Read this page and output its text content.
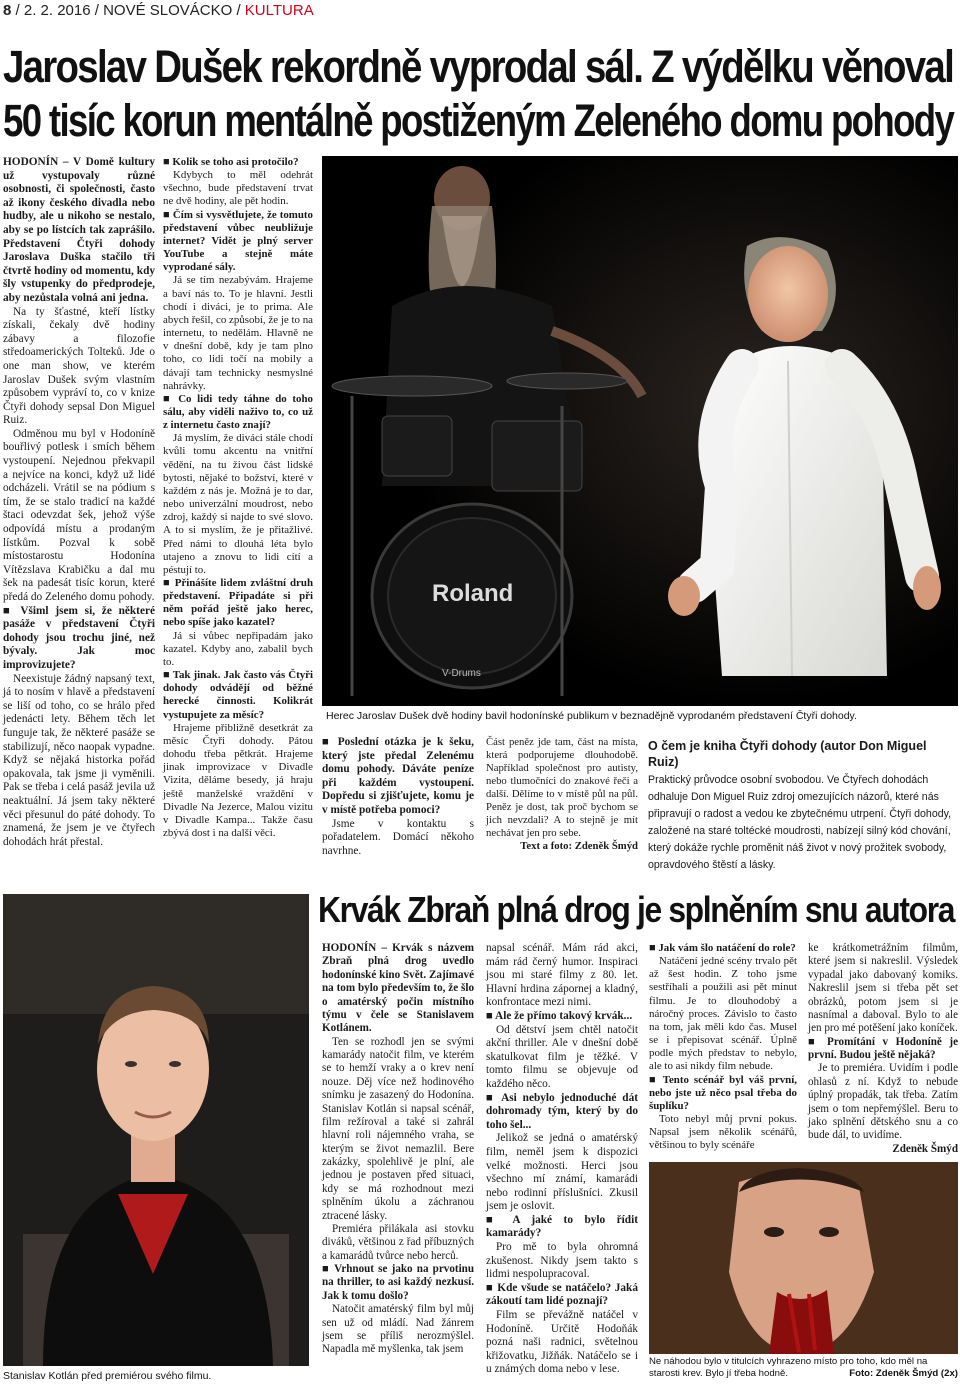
8 / 2. 2. 2016 / NOVÉ SLOVÁCKO / KULTURA
Jaroslav Dušek rekordně vyprodal sál. Z výdělku věnoval
50 tisíc korun mentálně postiženým Zeleného domu pohody

HODONÍN – V Domě kultury už vystupovaly různé osobnosti, či společnosti, často až ikony českého divadla nebo hudby, ale u nikoho se nestalo, aby se po lístcích tak zaprášilo. Představení Čtyři dohody Jaroslava Duška stačilo tři čtvrtě hodiny od momentu, kdy šly vstupenky do předprodeje, aby nezůstala volná ani jedna.

Na ty šťastné, kteří lístky získali, čekaly dvě hodiny zábavy a filozofie středoamerických Tolteků. Jde o one man show, ve kterém Jaroslav Dušek svým vlastním způsobem vypráví to, co v knize Čtyři dohody sepsal Don Miguel Ruiz.

Odměnou mu byl v Hodoníně bouřlivý potlesk i smích během vystoupení. Nejednou překvapil a nejvíce na konci, když už lidé odcházeli. Vrátil se na pódium s tím, že se stalo tradicí na každé štaci odevzdat šek, jehož výše odpovídá místu a prodaným lístkům. Pozval k sobě místostarostu Hodonína Vítězslava Krabičku a dal mu šek na padesát tisíc korun, které předá do Zeleného domu pohody.

■ Všiml jsem si, že některé pasáže v představení Čtyři dohody jsou trochu jiné, než bývaly. Jak moc improvizujete?

Neexistuje žádný napsaný text, já to nosím v hlavě a představení se liší od toho, co se hrálo před jedenácti lety. Během těch let funguje tak, že některé pasáže se stabilizují, něco naopak vypadne. Když se nějaká historka pořád opakovala, tak jsme ji vyměnili. Pak se třeba i celá pasáž jevila už neaktuální. Já jsem taky některé věci přesunul do páté dohody. To znamená, že jsem je ve čtyřech dohodách hrát přestal.

■ Kolik se toho asi protočilo?

Kdybych to měl odehrát všechno, bude představení trvat ne dvě hodiny, ale pět hodin.

■ Čím si vysvětlujete, že tomuto představení vůbec neubližuje internet? Vidět je plný server YouTube a stejně máte vyprodané sály.

Já se tím nezabývám. Hrajeme a baví nás to. To je hlavní. Jestli chodí i diváci, je to prima. Ale abych řešil, co způsobí, že je to na internetu, to nedělám. Hlavně ne v dnešní době, kdy je tam plno toho, co lidi točí na mobily a dávají tam technicky nesmyslné nahrávky.

■ Co lidi tedy táhne do toho sálu, aby viděli naživo to, co už z internetu často znají?

Já myslím, že diváci stále chodí kvůli tomu akcentu na vnitřní vědění, na tu živou část lidské bytosti, nějaké to božství, které v každém z nás je. Možná je to dar, nebo univerzální moudrost, nebo zdroj, každý si najde to své slovo. A to si myslím, že je přitažlivé. Před námi to dlouhá léta bylo utajeno a znovu to lidi cítí a péstují to.

■ Přinášíte lidem zvláštní druh představení. Připadáte si při něm pořád ještě jako herec, nebo spíše jako kazatel?

Já si vůbec nepřipadám jako kazatel. Kdyby ano, zabalil bych to.

■ Tak jinak. Jak často vás Čtyři dohody odvádějí od běžné herecké činnosti. Kolikrát vystupujete za měsíc?

Hrajeme přibližně desetkrát za měsíc Čtyři dohody. Pátou dohodu třeba pětkrát. Hrajeme jinak improvizace v Divadle Vizita, děláme besedy, já hraju ještě manželské vraždění v Divadle Na Jezerce, Malou vizitu v Divadle Kampa... Takže času zbývá dost i na další věci.

Roland
V-Drums
Herec Jaroslav Dušek dvě hodiny bavil hodonínské publikum v beznadějně vyprodaném představení Čtyři dohody.

■ Poslední otázka je k šeku, který jste předal Zelenému domu pohody. Dáváte peníze při každém vystoupení. Dopředu si zjišťujete, komu je v místě potřeba pomoci?

Jsme v kontaktu s pořadatelem. Domácí někoho navrhne.

Část peněz jde tam, část na místa, která podporujeme dlouhodobě. Například společnost pro autisty, nebo tlumočníci do znakové řeči a další. Dělíme to v místě půl na půl. Peněz je dost, tak proč bychom se jich nevzdali? A to stejně je mít nechávat jen pro sebe.

Text a foto: Zdeněk Šmýd

O čem je kniha Čtyři dohody (autor Don Miguel Ruiz)
Praktický průvodce osobní svobodou. Ve Čtyřech dohodách odhaluje Don Miguel Ruiz zdroj omezujících názorů, které nás připravují o radost a vedou ke zbytečnému utrpení. Čtyři dohody, založené na staré toltécké moudrosti, nabízejí silný kód chování, který dokáže rychle proměnit náš život v nový prožitek svobody, opravdového štěstí a lásky.
Stanislav Kotlán před premiérou svého filmu.
Krvák Zbraň plná drog je splněním snu autora

HODONÍN – Krvák s názvem Zbraň plná drog uvedlo hodonínské kino Svět. Zajímavé na tom bylo především to, že šlo o amatérský počin místního týmu v čele se Stanislavem Kotlánem.

Ten se rozhodl jen se svými kamarády natočit film, ve kterém se to hemží vraky a o krev není nouze. Děj více než hodinového snímku je zasazený do Hodonína. Stanislav Kotlán si napsal scénář, film režíroval a také si zahrál hlavní roli nájemného vraha, se kterým se život nemazlil. Bere zakázky, spolehlivě je plní, ale jednou je postaven před situaci, kdy se má rozhodnout mezi splněním úkolu a záchranou ztracené lásky.

Premiéra přilákala asi stovku diváků, většinou z řad příbuzných a kamarádů tvůrce nebo herců.

■ Vrhnout se jako na prvotinu na thriller, to asi každý nezkusí. Jak k tomu došlo?

Natočit amatérský film byl můj sen už od mládí. Nad žánrem jsem se příliš nerozmýšlel. Napadla mě myšlenka, tak jsem

napsal scénář. Mám rád akci, mám rád černý humor. Inspiraci jsou mi staré filmy z 80. let. Hlavní hrdina zápornej a kladný, konfrontace mezi nimi.

■ Ale že přímo takový krvák...

Od dětství jsem chtěl natočit akční thriller. Ale v dnešní době skatulkovat film je těžké. V tomto filmu se objevuje od každého něco.

■ Asi nebylo jednoduché dát dohromady tým, který by do toho šel...

Jelikož se jedná o amatérský film, neměl jsem k dispozici velké možnosti. Herci jsou všechno mí známí, kamarádi nebo rodinní příslušníci. Zkusil jsem je oslovit.

■ A jaké to bylo řídit kamarády?

Pro mě to byla ohromná zkušenost. Nikdy jsem takto s lidmi nespolupracoval.

■ Kde všude se natáčelo? Jaká zákoutí tam lidé poznají?

Film se převážně natáčel v Hodoníně. Určitě Hodoňák pozná naši radnici, světelnou křižovatku, Jižňák. Natáčelo se i u známých doma nebo v lese.

■ Jak vám šlo natáčení do role?

Natáčení jedné scény trvalo pět až šest hodin. Z toho jsme sestříhali a použili asi pět minut filmu. Je to dlouhodobý a náročný proces. Závislo to často na tom, jak měli kdo čas. Musel se i přepisovat scénář. Úplně podle mých představ to nebylo, ale to asi nikdy film nebude.

■ Tento scénář byl váš první, nebo jste už něco psal třeba do šuplíku?

Toto nebyl můj první pokus. Napsal jsem několik scénářů, většinou to byly scénáře

ke krátkometrážním filmům, které jsem si nakreslil. Výsledek vypadal jako dabovaný komiks. Nakreslil jsem si třeba pět set obrázků, potom jsem si je nasnímal a daboval. Bylo to ale jen pro mé potěšení jako koníček.

■ Promítání v Hodoníně je první. Budou ještě nějaká?

Je to premiéra. Uvidím i podle ohlasů z ní. Když to nebude úplný propadák, tak třeba. Zatím jsem o tom nepřemýšlel. Beru to jako splnění dětského snu a co bude dál, to uvidíme.

Zdeněk Šmýd

Ne náhodou bylo v titulcích vyhrazeno místo pro toho, kdo měl na starosti krev. Bylo jí třeba hodně.	Foto: Zdeněk Šmýd (2x)
